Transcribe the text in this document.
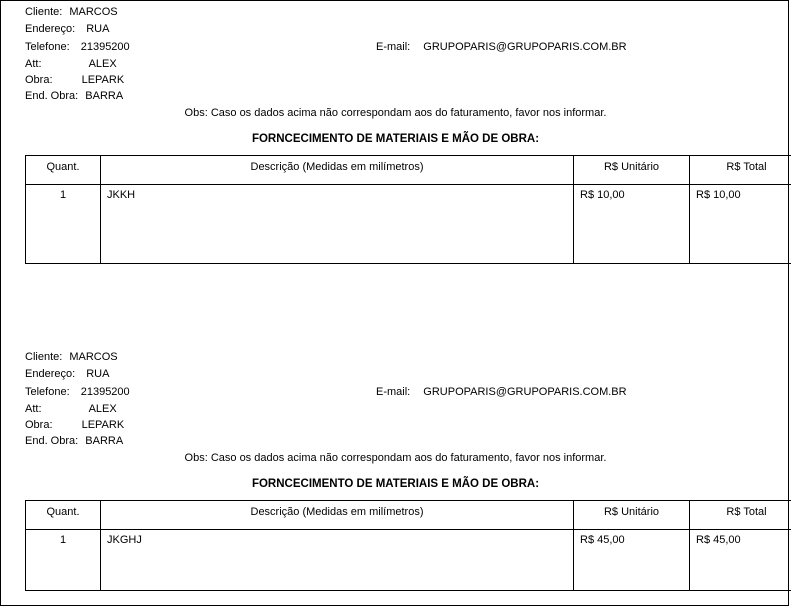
Cliente: MARCOS
Endereço: RUA
Telefone: 21395200
Att:	ALEX
Obra:	LEPARK
End. Obra: BARRA
E-mail: GRUPOPARIS@GRUPOPARIS.COM.BR
Obs: Caso os dados acima não correspondam aos do faturamento, favor nos informar.
FORNCECIMENTO DE MATERIAIS E MÃO DE OBRA:
Quant.	Descrição (Medidas em milímetros)	R$ Unitário	R$ Total
1	JKKH	R$ 10,00	R$ 10,00
Cliente: MARCOS
Endereço: RUA
Telefone: 21395200
Att:	ALEX
Obra:	LEPARK
End. Obra: BARRA
E-mail: GRUPOPARIS@GRUPOPARIS.COM.BR
Obs: Caso os dados acima não correspondam aos do faturamento, favor nos informar.
FORNCECIMENTO DE MATERIAIS E MÃO DE OBRA:
Quant.	Descrição (Medidas em milímetros)	R$ Unitário	R$ Total
1	JKGHJ	R$ 45,00	R$ 45,00
